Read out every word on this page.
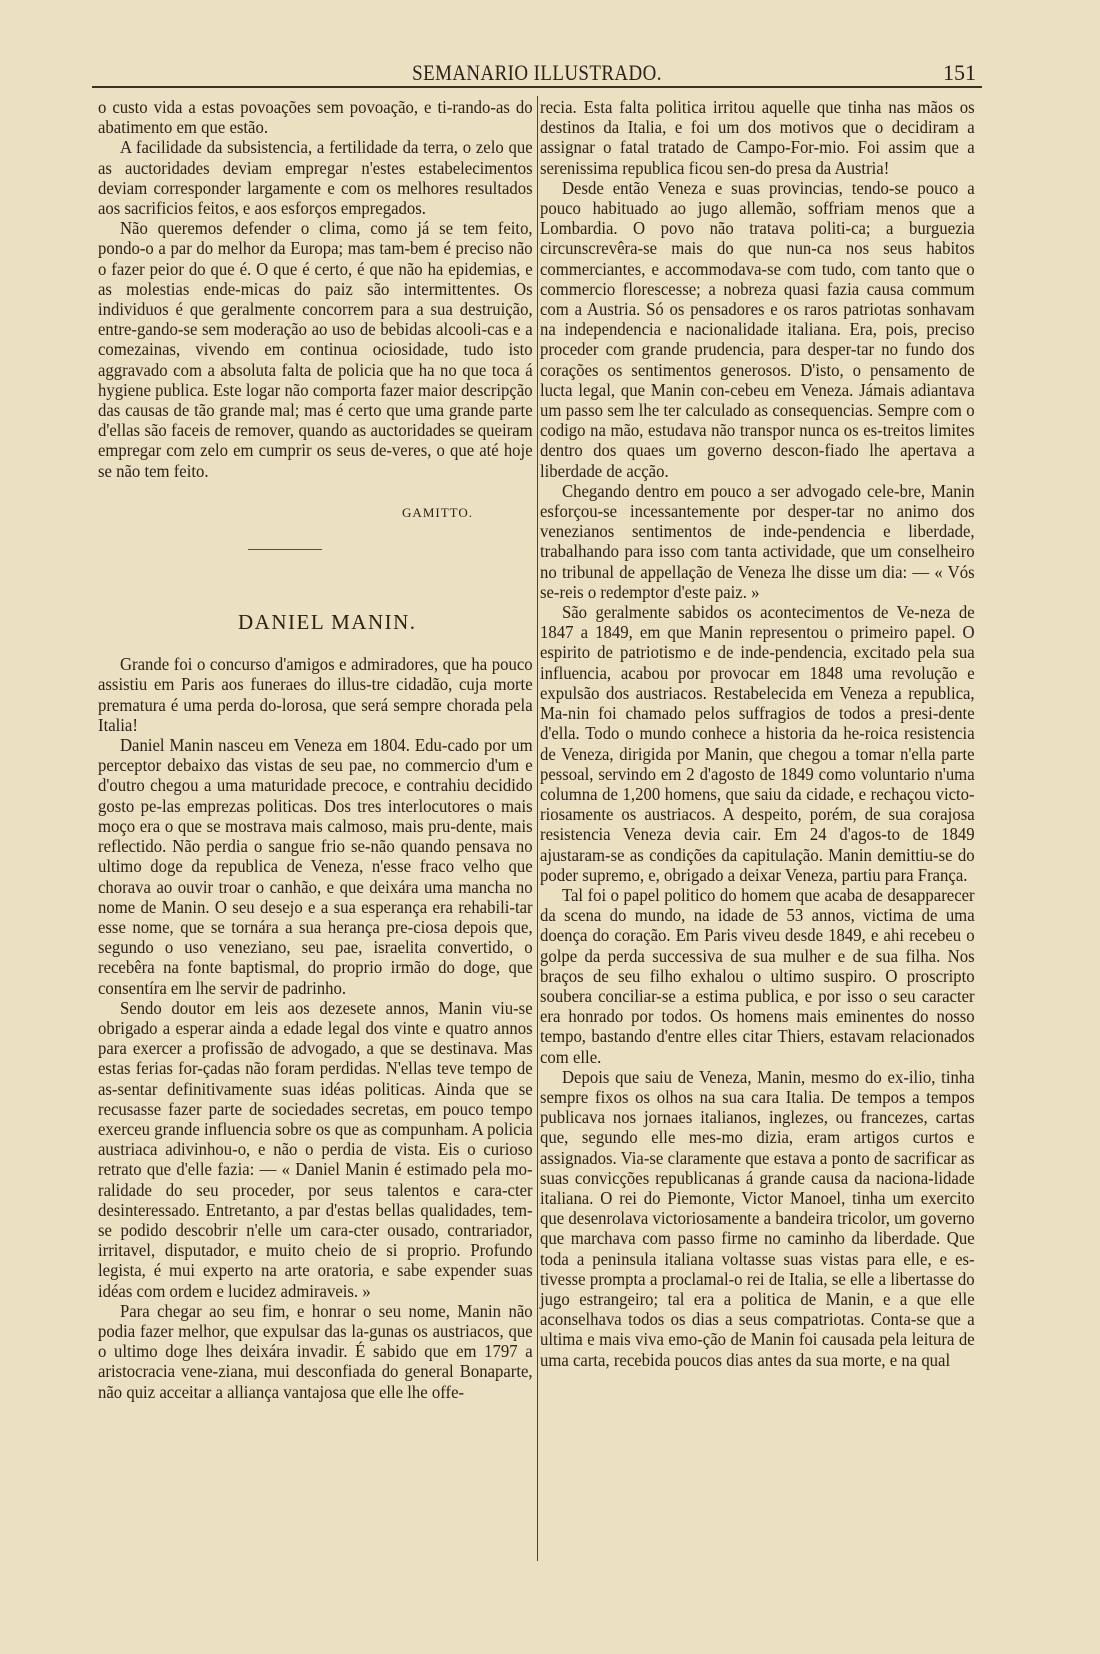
SEMANARIO ILLUSTRADO.	151

o custo vida a estas povoações sem povoação, e ti-rando-as do abatimento em que estão.

A facilidade da subsistencia, a fertilidade da terra, o zelo que as auctoridades deviam empregar n'estes estabelecimentos deviam corresponder largamente e com os melhores resultados aos sacrificios feitos, e aos esforços empregados.

Não queremos defender o clima, como já se tem feito, pondo-o a par do melhor da Europa; mas tam-bem é preciso não o fazer peior do que é. O que é certo, é que não ha epidemias, e as molestias ende-micas do paiz são intermittentes. Os individuos é que geralmente concorrem para a sua destruição, entre-gando-se sem moderação ao uso de bebidas alcooli-cas e a comezainas, vivendo em continua ociosidade, tudo isto aggravado com a absoluta falta de policia que ha no que toca á hygiene publica. Este logar não comporta fazer maior descripção das causas de tão grande mal; mas é certo que uma grande parte d'ellas são faceis de remover, quando as auctoridades se queiram empregar com zelo em cumprir os seus de-veres, o que até hoje se não tem feito.

GAMITTO.
DANIEL MANIN.

Grande foi o concurso d'amigos e admiradores, que ha pouco assistiu em Paris aos funeraes do illus-tre cidadão, cuja morte prematura é uma perda do-lorosa, que será sempre chorada pela Italia!

Daniel Manin nasceu em Veneza em 1804. Edu-cado por um perceptor debaixo das vistas de seu pae, no commercio d'um e d'outro chegou a uma maturidade precoce, e contrahiu decidido gosto pe-las emprezas politicas. Dos tres interlocutores o mais moço era o que se mostrava mais calmoso, mais pru-dente, mais reflectido. Não perdia o sangue frio se-não quando pensava no ultimo doge da republica de Veneza, n'esse fraco velho que chorava ao ouvir troar o canhão, e que deixára uma mancha no nome de Manin. O seu desejo e a sua esperança era rehabili-tar esse nome, que se tornára a sua herança pre-ciosa depois que, segundo o uso veneziano, seu pae, israelita convertido, o recebêra na fonte baptismal, do proprio irmão do doge, que consentíra em lhe servir de padrinho.

Sendo doutor em leis aos dezesete annos, Manin viu-se obrigado a esperar ainda a edade legal dos vinte e quatro annos para exercer a profissão de advogado, a que se destinava. Mas estas ferias for-çadas não foram perdidas. N'ellas teve tempo de as-sentar definitivamente suas idéas politicas. Ainda que se recusasse fazer parte de sociedades secretas, em pouco tempo exerceu grande influencia sobre os que as compunham. A policia austriaca adivinhou-o, e não o perdia de vista. Eis o curioso retrato que d'elle fazia: — « Daniel Manin é estimado pela mo-ralidade do seu proceder, por seus talentos e cara-cter desinteressado. Entretanto, a par d'estas bellas qualidades, tem-se podido descobrir n'elle um cara-cter ousado, contrariador, irritavel, disputador, e muito cheio de si proprio. Profundo legista, é mui experto na arte oratoria, e sabe expender suas idéas com ordem e lucidez admiraveis. »

Para chegar ao seu fim, e honrar o seu nome, Manin não podia fazer melhor, que expulsar das la-gunas os austriacos, que o ultimo doge lhes deixára invadir. É sabido que em 1797 a aristocracia vene-ziana, mui desconfiada do general Bonaparte, não quiz acceitar a alliança vantajosa que elle lhe offe-

recia. Esta falta politica irritou aquelle que tinha nas mãos os destinos da Italia, e foi um dos motivos que o decidiram a assignar o fatal tratado de Campo-For-mio. Foi assim que a serenissima republica ficou sen-do presa da Austria!

Desde então Veneza e suas provincias, tendo-se pouco a pouco habituado ao jugo allemão, soffriam menos que a Lombardia. O povo não tratava politi-ca; a burguezia circunscrevêra-se mais do que nun-ca nos seus habitos commerciantes, e accommodava-se com tudo, com tanto que o commercio florescesse; a nobreza quasi fazia causa commum com a Austria. Só os pensadores e os raros patriotas sonhavam na independencia e nacionalidade italiana. Era, pois, preciso proceder com grande prudencia, para desper-tar no fundo dos corações os sentimentos generosos. D'isto, o pensamento de lucta legal, que Manin con-cebeu em Veneza. Jámais adiantava um passo sem lhe ter calculado as consequencias. Sempre com o codigo na mão, estudava não transpor nunca os es-treitos limites dentro dos quaes um governo descon-fiado lhe apertava a liberdade de acção.

Chegando dentro em pouco a ser advogado cele-bre, Manin esforçou-se incessantemente por desper-tar no animo dos venezianos sentimentos de inde-pendencia e liberdade, trabalhando para isso com tanta actividade, que um conselheiro no tribunal de appellação de Veneza lhe disse um dia: — « Vós se-reis o redemptor d'este paiz. »

São geralmente sabidos os acontecimentos de Ve-neza de 1847 a 1849, em que Manin representou o primeiro papel. O espirito de patriotismo e de inde-pendencia, excitado pela sua influencia, acabou por provocar em 1848 uma revolução e expulsão dos austriacos. Restabelecida em Veneza a republica, Ma-nin foi chamado pelos suffragios de todos a presi-dente d'ella. Todo o mundo conhece a historia da he-roica resistencia de Veneza, dirigida por Manin, que chegou a tomar n'ella parte pessoal, servindo em 2 d'agosto de 1849 como voluntario n'uma columna de 1,200 homens, que saiu da cidade, e rechaçou victo-riosamente os austriacos. A despeito, porém, de sua corajosa resistencia Veneza devia cair. Em 24 d'agos-to de 1849 ajustaram-se as condições da capitulação. Manin demittiu-se do poder supremo, e, obrigado a deixar Veneza, partiu para França.

Tal foi o papel politico do homem que acaba de desapparecer da scena do mundo, na idade de 53 annos, victima de uma doença do coração. Em Paris viveu desde 1849, e ahi recebeu o golpe da perda successiva de sua mulher e de sua filha. Nos braços de seu filho exhalou o ultimo suspiro. O proscripto soubera conciliar-se a estima publica, e por isso o seu caracter era honrado por todos. Os homens mais eminentes do nosso tempo, bastando d'entre elles citar Thiers, estavam relacionados com elle.

Depois que saiu de Veneza, Manin, mesmo do ex-ilio, tinha sempre fixos os olhos na sua cara Italia. De tempos a tempos publicava nos jornaes italianos, inglezes, ou francezes, cartas que, segundo elle mes-mo dizia, eram artigos curtos e assignados. Via-se claramente que estava a ponto de sacrificar as suas convicções republicanas á grande causa da naciona-lidade italiana. O rei do Piemonte, Victor Manoel, tinha um exercito que desenrolava victoriosamente a bandeira tricolor, um governo que marchava com passo firme no caminho da liberdade. Que toda a peninsula italiana voltasse suas vistas para elle, e es-tivesse prompta a proclamal-o rei de Italia, se elle a libertasse do jugo estrangeiro; tal era a politica de Manin, e a que elle aconselhava todos os dias a seus compatriotas. Conta-se que a ultima e mais viva emo-ção de Manin foi causada pela leitura de uma carta, recebida poucos dias antes da sua morte, e na qual
